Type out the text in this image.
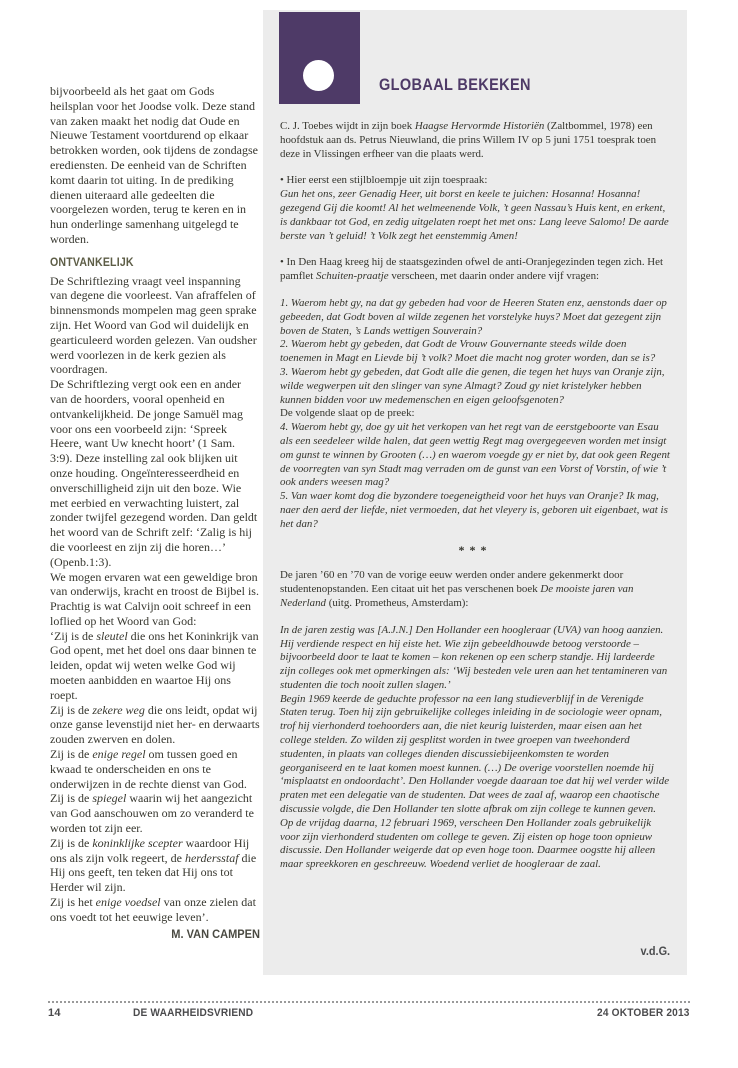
bijvoorbeeld als het gaat om Gods heilsplan voor het Joodse volk. Deze stand van zaken maakt het nodig dat Oude en Nieuwe Testament voortdurend op elkaar betrokken worden, ook tijdens de zondagse erediensten. De eenheid van de Schriften komt daarin tot uiting. In de prediking dienen uiteraard alle gedeelten die voorgelezen worden, terug te keren en in hun onderlinge samenhang uitgelegd te worden.

ONTVANKELIJK

De Schriftlezing vraagt veel inspanning van degene die voorleest. Van afraffelen of binnensmonds mompelen mag geen sprake zijn. Het Woord van God wil duidelijk en gearticuleerd worden gelezen. Van oudsher werd voorlezen in de kerk gezien als voordragen.

De Schriftlezing vergt ook een en ander van de hoorders, vooral openheid en ontvankelijkheid. De jonge Samuël mag voor ons een voorbeeld zijn: ‘Spreek Heere, want Uw knecht hoort’ (1 Sam. 3:9). Deze instelling zal ook blijken uit onze houding. Ongeïnteresseerdheid en onverschilligheid zijn uit den boze. Wie met eerbied en verwachting luistert, zal zonder twijfel gezegend worden. Dan geldt het woord van de Schrift zelf: ‘Zalig is hij die voorleest en zijn zij die horen…’ (Openb.1:3).

We mogen ervaren wat een geweldige bron van onderwijs, kracht en troost de Bijbel is. Prachtig is wat Calvijn ooit schreef in een loflied op het Woord van God:

‘Zij is de sleutel die ons het Koninkrijk van God opent, met het doel ons daar binnen te leiden, opdat wij weten welke God wij moeten aanbidden en waartoe Hij ons roept.

Zij is de zekere weg die ons leidt, opdat wij onze ganse levenstijd niet her- en derwaarts zouden zwerven en dolen.

Zij is de enige regel om tussen goed en kwaad te onderscheiden en ons te onderwijzen in de rechte dienst van God.

Zij is de spiegel waarin wij het aangezicht van God aanschouwen om zo veranderd te worden tot zijn eer.

Zij is de koninklijke scepter waardoor Hij ons als zijn volk regeert, de herdersstaf die Hij ons geeft, ten teken dat Hij ons tot Herder wil zijn.

Zij is het enige voedsel van onze zielen dat ons voedt tot het eeuwige leven’.

M. VAN CAMPEN
GLOBAAL BEKEKEN

C. J. Toebes wijdt in zijn boek Haagse Hervormde Historiën (Zaltbommel, 1978) een hoofdstuk aan ds. Petrus Nieuwland, die prins Willem IV op 5 juni 1751 toesprak toen deze in Vlissingen erfheer van die plaats werd.

• Hier eerst een stijlbloempje uit zijn toespraak:

Gun het ons, zeer Genadig Heer, uit borst en keele te juichen: Hosanna! Hosanna! gezegend Gij die koomt! Al het welmeenende Volk, ’t geen Nassau’s Huis kent, en erkent, is dankbaar tot God, en zedig uitgelaten roept het met ons: Lang leeve Salomo! De aarde berste van ’t geluid! ’t Volk zegt het eenstemmig Amen!

• In Den Haag kreeg hij de staatsgezinden ofwel de anti-Oranjegezinden tegen zich. Het pamflet Schuiten-praatje verscheen, met daarin onder andere vijf vragen:

1. Waerom hebt gy, na dat gy gebeden had voor de Heeren Staten enz, aenstonds daer op gebeeden, dat Godt boven al wilde zegenen het vorstelyke huys? Moet dat gezegent zijn boven de Staten, ’s Lands wettigen Souverain?

2. Waerom hebt gy gebeden, dat Godt de Vrouw Gouvernante steeds wilde doen toenemen in Magt en Lievde bij ’t volk? Moet die macht nog groter worden, dan se is?

3. Waerom hebt gy gebeden, dat Godt alle die genen, die tegen het huys van Oranje zijn, wilde wegwerpen uit den slinger van syne Almagt? Zoud gy niet kristelyker hebben kunnen bidden voor uw medemenschen en eigen geloofsgenoten?

De volgende slaat op de preek:

4. Waerom hebt gy, doe gy uit het verkopen van het regt van de eerstgeboorte van Esau als een seedeleer wilde halen, dat geen wettig Regt mag overgegeeven worden met insigt om gunst te winnen by Grooten (…) en waerom voegde gy er niet by, dat ook geen Regent de voorregten van syn Stadt mag verraden om de gunst van een Vorst of Vorstin, of wie ’t ook anders weesen mag?

5. Van waer komt dog die byzondere toegeneigtheid voor het huys van Oranje? Ik mag, naer den aerd der liefde, niet vermoeden, dat het vleyery is, geboren uit eigenbaet, wat is het dan?

***

De jaren ’60 en ’70 van de vorige eeuw werden onder andere gekenmerkt door studentenopstanden. Een citaat uit het pas verschenen boek De mooiste jaren van Nederland (uitg. Prometheus, Amsterdam):

In de jaren zestig was [A.J.N.] Den Hollander een hoogleraar (UVA) van hoog aanzien. Hij verdiende respect en hij eiste het. Wie zijn gebeeldhouwde betoog verstoorde – bijvoorbeeld door te laat te komen – kon rekenen op een scherp standje. Hij lardeerde zijn colleges ook met opmerkingen als: ‘Wij besteden vele uren aan het tentamineren van studenten die toch nooit zullen slagen.’

Begin 1969 keerde de geduchte professor na een lang studieverblijf in de Verenigde Staten terug. Toen hij zijn gebruikelijke colleges inleiding in de sociologie weer opnam, trof hij vierhonderd toehoorders aan, die niet keurig luisterden, maar eisen aan het college stelden. Zo wilden zij gesplitst worden in twee groepen van tweehonderd studenten, in plaats van colleges dienden discussiebijeenkomsten te worden georganiseerd en te laat komen moest kunnen. (…) De overige voorstellen noemde hij ‘misplaatst en ondoordacht’. Den Hollander voegde daaraan toe dat hij wel verder wilde praten met een delegatie van de studenten. Dat wees de zaal af, waarop een chaotische discussie volgde, die Den Hollander ten slotte afbrak om zijn college te kunnen geven.

Op de vrijdag daarna, 12 februari 1969, verscheen Den Hollander zoals gebruikelijk voor zijn vierhonderd studenten om college te geven. Zij eisten op hoge toon opnieuw discussie. Den Hollander weigerde dat op even hoge toon. Daarmee oogstte hij alleen maar spreekkoren en geschreeuw. Woedend verliet de hoogleraar de zaal.

v.d.G.
14	DE WAARHEIDSVRIEND	24 OKTOBER 2013
